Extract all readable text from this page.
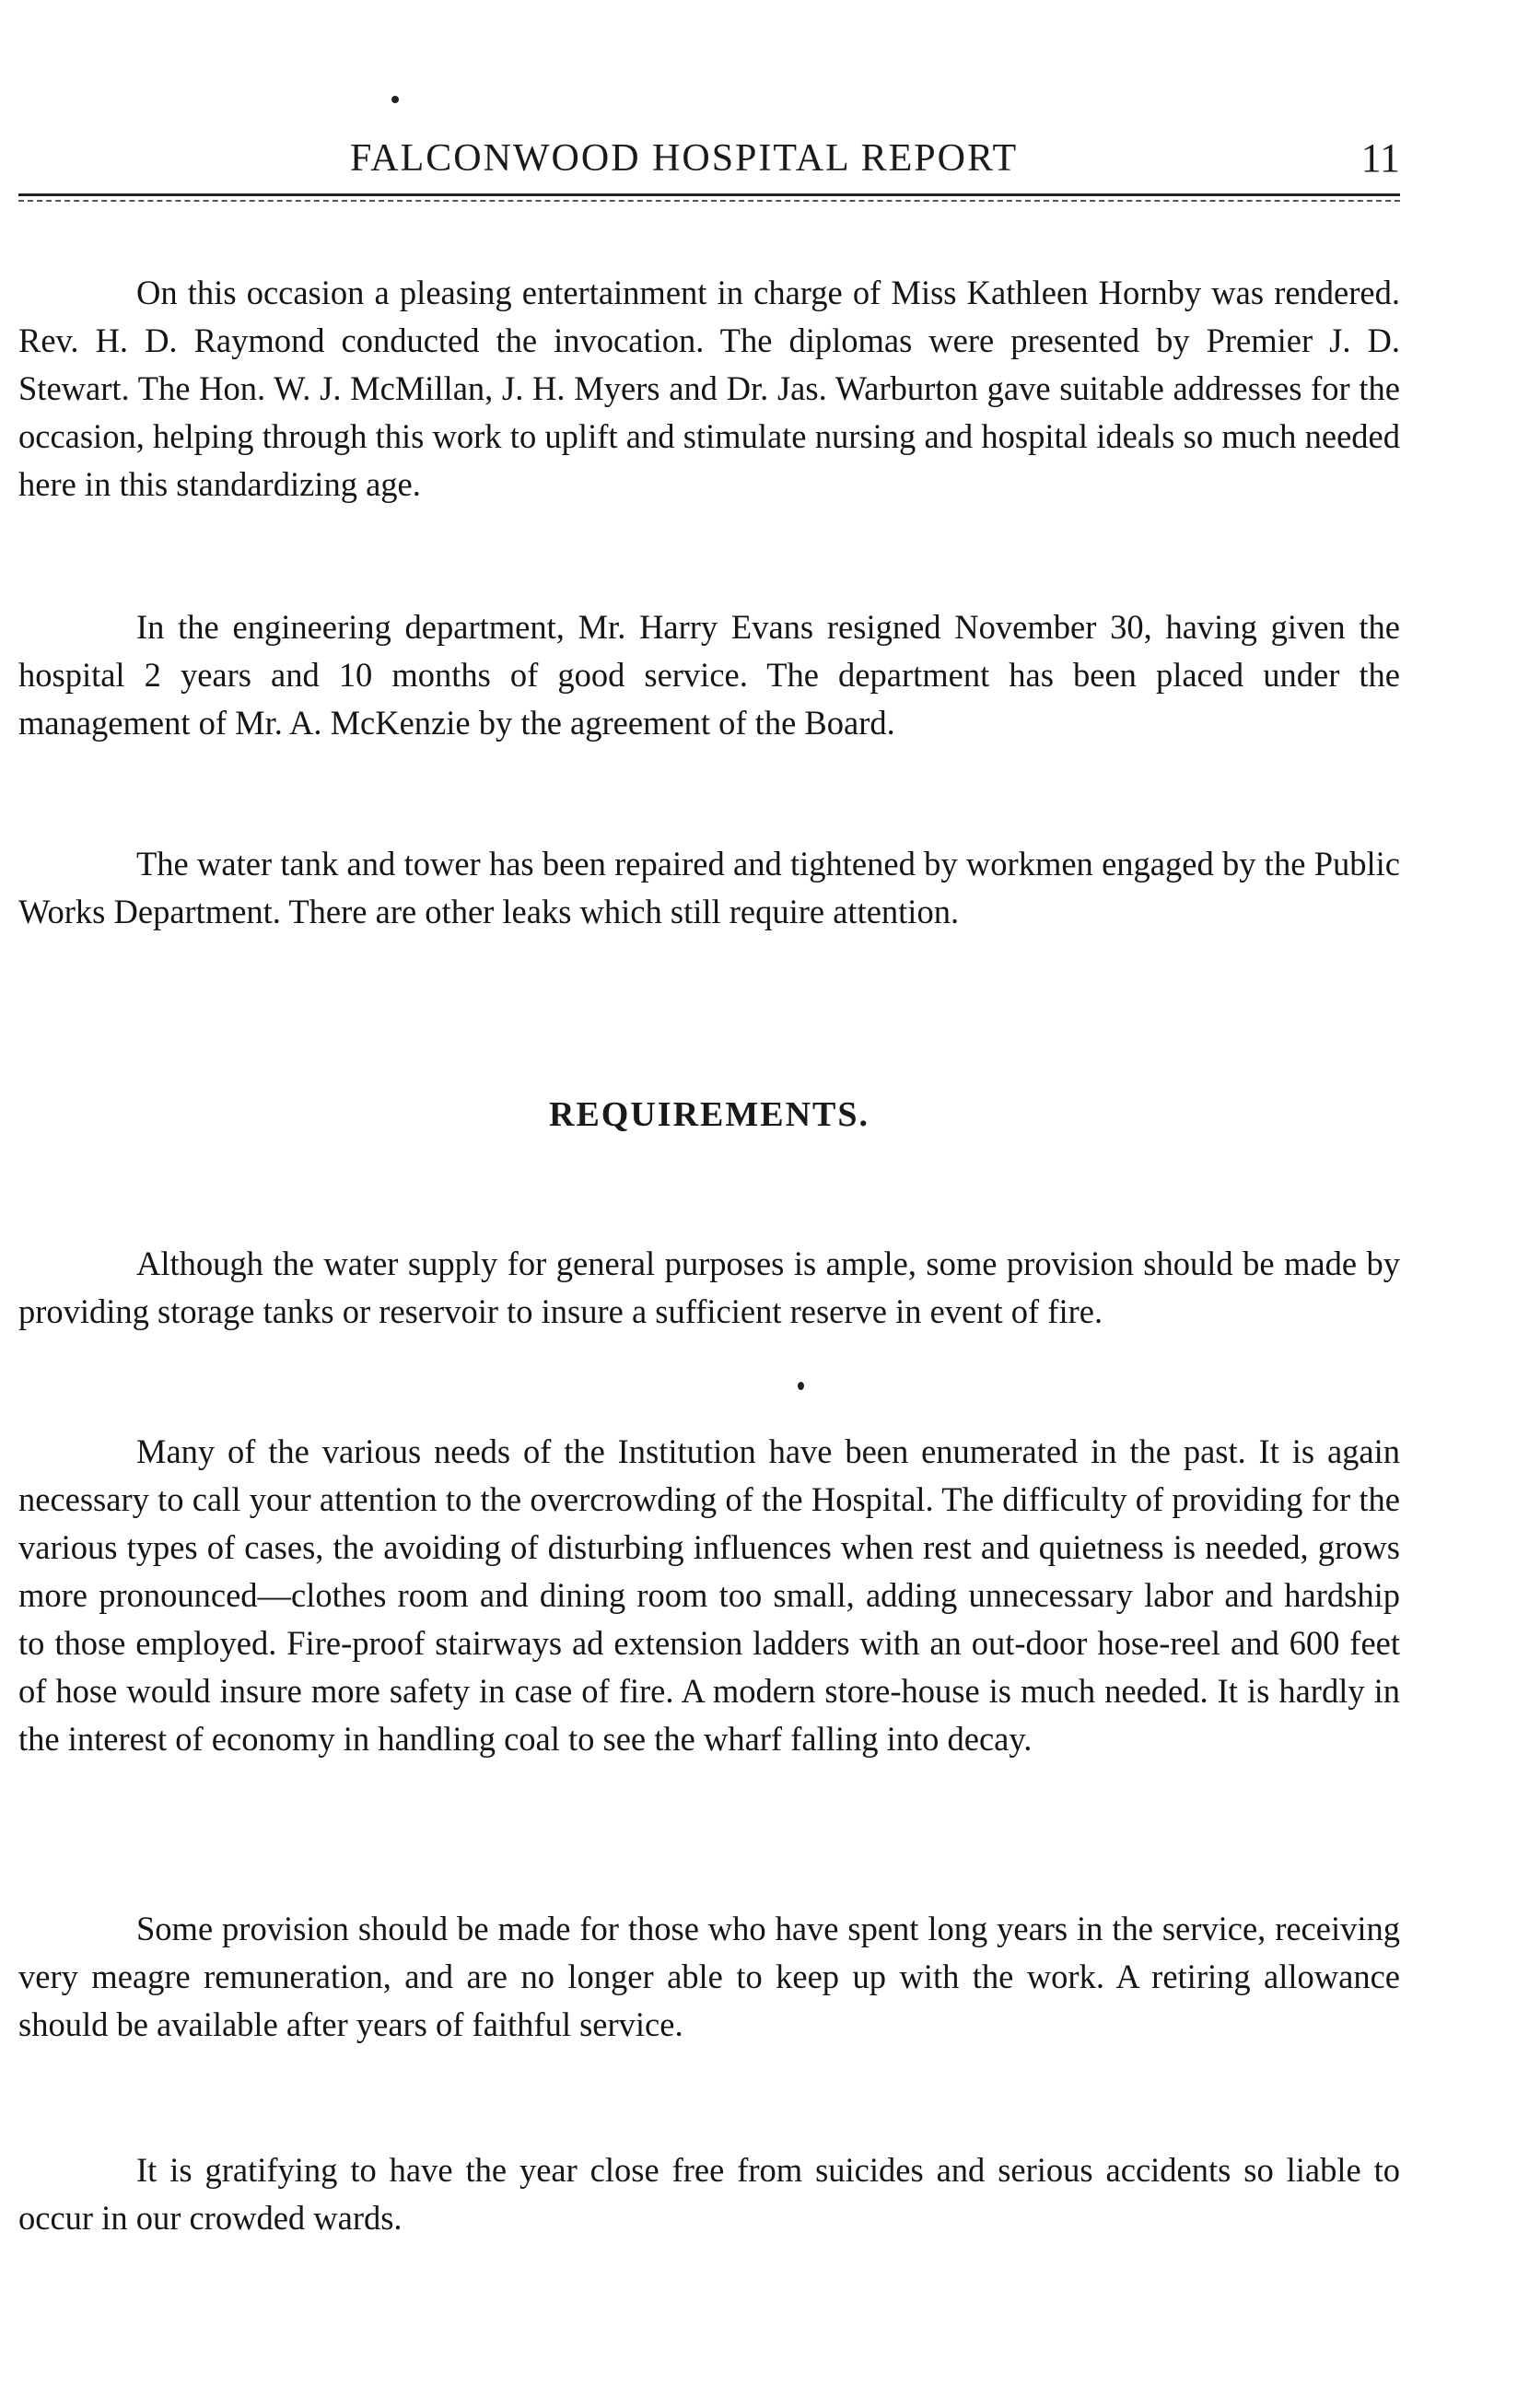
FALCONWOOD HOSPITAL REPORT	11

On this occasion a pleasing entertainment in charge of Miss Kathleen Hornby was rendered. Rev. H. D. Raymond conducted the invocation. The diplomas were presented by Premier J. D. Stewart. The Hon. W. J. McMillan, J. H. Myers and Dr. Jas. Warburton gave suitable addresses for the occasion, helping through this work to uplift and stimulate nursing and hospital ideals so much needed here in this standardizing age.

In the engineering department, Mr. Harry Evans resigned November 30, having given the hospital 2 years and 10 months of good service. The department has been placed under the management of Mr. A. McKenzie by the agreement of the Board.

The water tank and tower has been repaired and tightened by workmen engaged by the Public Works Department. There are other leaks which still require attention.

REQUIREMENTS.

Although the water supply for general purposes is ample, some provision should be made by providing storage tanks or reservoir to insure a sufficient reserve in event of fire.

Many of the various needs of the Institution have been enumerated in the past. It is again necessary to call your attention to the overcrowding of the Hospital. The difficulty of providing for the various types of cases, the avoiding of disturbing influences when rest and quietness is needed, grows more pronounced—clothes room and dining room too small, adding unnecessary labor and hardship to those employed. Fire-proof stairways ad extension ladders with an out-door hose-reel and 600 feet of hose would insure more safety in case of fire. A modern store-house is much needed. It is hardly in the interest of economy in handling coal to see the wharf falling into decay.

Some provision should be made for those who have spent long years in the service, receiving very meagre remuneration, and are no longer able to keep up with the work. A retiring allowance should be available after years of faithful service.

It is gratifying to have the year close free from suicides and serious accidents so liable to occur in our crowded wards.
